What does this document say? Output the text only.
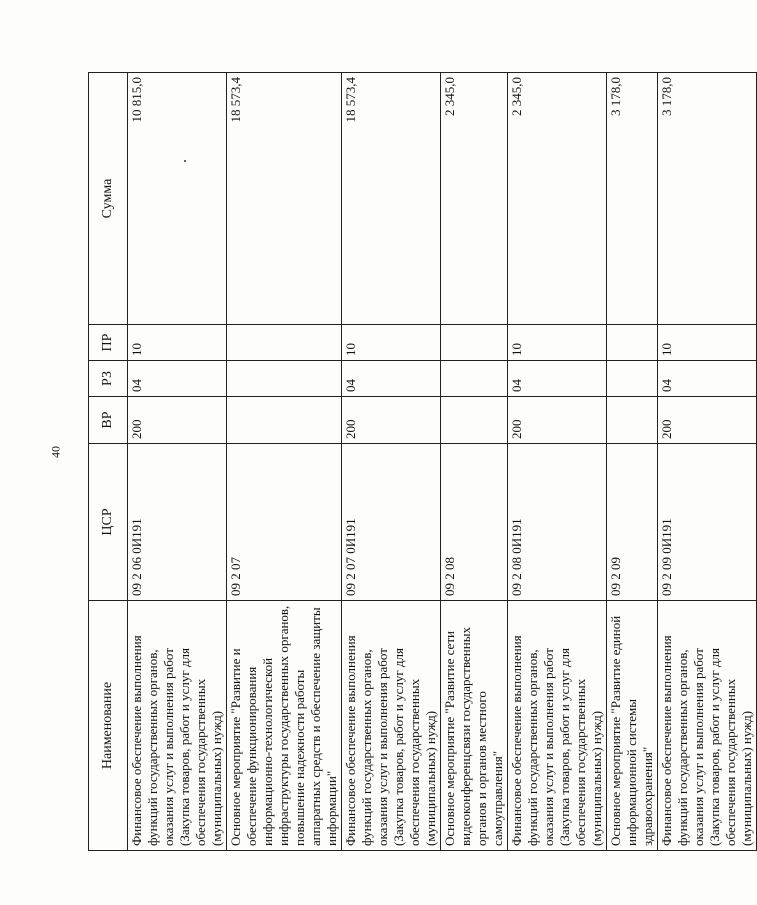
40
Наименование	ЦСР	ВР	РЗ	ПР	Сумма
Финансовое обеспечение выполнения функций государственных органов, оказания услуг и выполнения работ (Закупка товаров, работ и услуг для обеспечения государственных (муниципальных) нужд)	09 2 06 0И191	200	04	10	10 815,0
Основное мероприятие "Развитие и обеспечение функционирования информационно-технологической инфраструктуры государственных органов, повышение надежности работы аппаратных средств и обеспечение защиты информации"	09 2 07				18 573,4
Финансовое обеспечение выполнения функций государственных органов, оказания услуг и выполнения работ (Закупка товаров, работ и услуг для обеспечения государственных (муниципальных) нужд)	09 2 07 0И191	200	04	10	18 573,4
Основное мероприятие "Развитие сети видеоконференцсвязи государственных органов и органов местного самоуправления"	09 2 08				2 345,0
Финансовое обеспечение выполнения функций государственных органов, оказания услуг и выполнения работ (Закупка товаров, работ и услуг для обеспечения государственных (муниципальных) нужд)	09 2 08 0И191	200	04	10	2 345,0
Основное мероприятие "Развитие единой информационной системы здравоохранения"	09 2 09				3 178,0
Финансовое обеспечение выполнения функций государственных органов, оказания услуг и выполнения работ (Закупка товаров, работ и услуг для обеспечения государственных (муниципальных) нужд)	09 2 09 0И191	200	04	10	3 178,0
